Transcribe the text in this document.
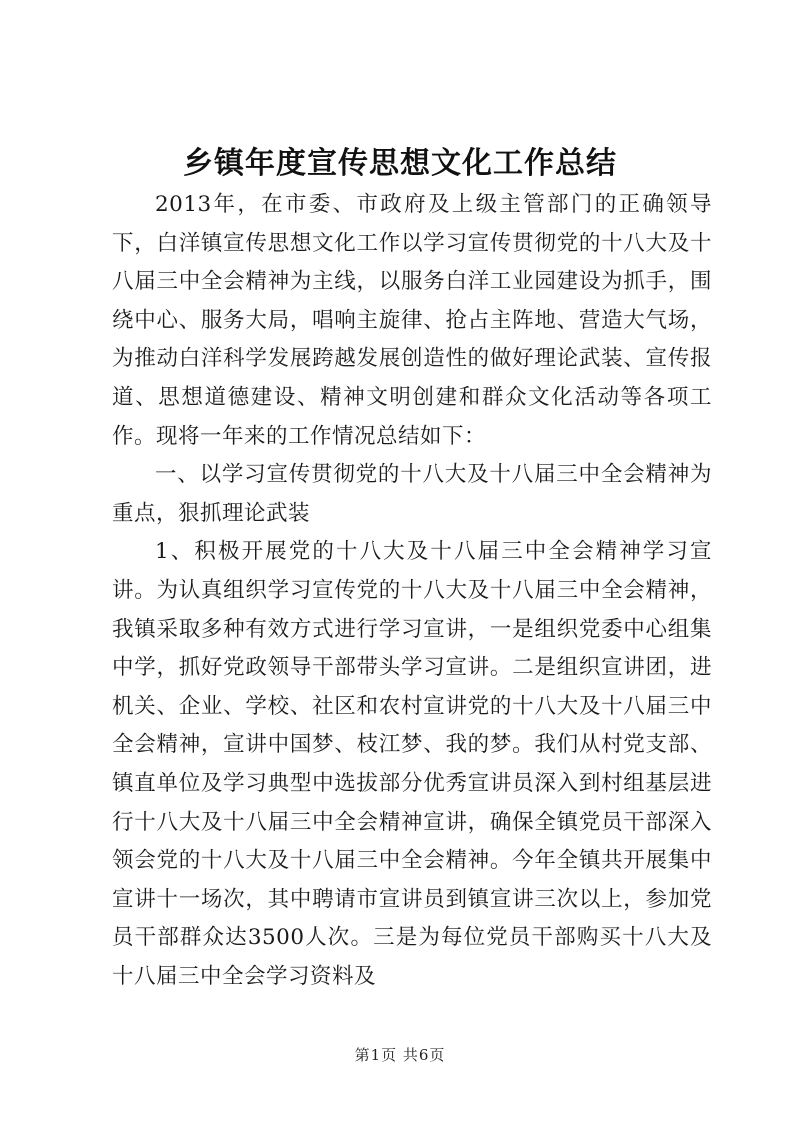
乡镇年度宣传思想文化工作总结

2013年，在市委、市政府及上级主管部门的正确领导下，白洋镇宣传思想文化工作以学习宣传贯彻党的十八大及十八届三中全会精神为主线，以服务白洋工业园建设为抓手，围绕中心、服务大局，唱响主旋律、抢占主阵地、营造大气场，为推动白洋科学发展跨越发展创造性的做好理论武装、宣传报道、思想道德建设、精神文明创建和群众文化活动等各项工作。现将一年来的工作情况总结如下：

一、以学习宣传贯彻党的十八大及十八届三中全会精神为重点，狠抓理论武装

1、积极开展党的十八大及十八届三中全会精神学习宣讲。为认真组织学习宣传党的十八大及十八届三中全会精神，我镇采取多种有效方式进行学习宣讲，一是组织党委中心组集中学，抓好党政领导干部带头学习宣讲。二是组织宣讲团，进机关、企业、学校、社区和农村宣讲党的十八大及十八届三中全会精神，宣讲中国梦、枝江梦、我的梦。我们从村党支部、镇直单位及学习典型中选拔部分优秀宣讲员深入到村组基层进行十八大及十八届三中全会精神宣讲，确保全镇党员干部深入领会党的十八大及十八届三中全会精神。今年全镇共开展集中宣讲十一场次，其中聘请市宣讲员到镇宣讲三次以上，参加党员干部群众达3500人次。三是为每位党员干部购买十八大及十八届三中全会学习资料及

第1页 共6页
